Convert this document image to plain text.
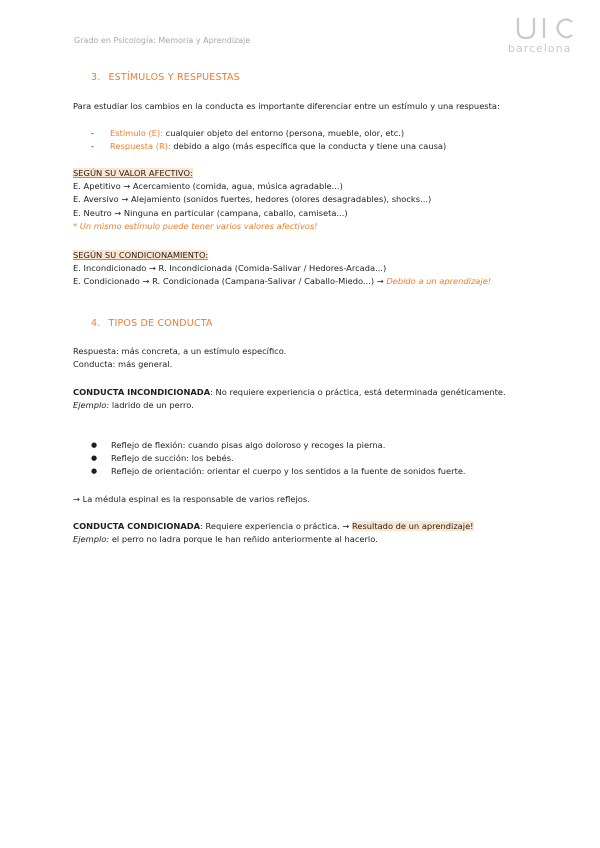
Grado en Psicología: Memoria y Aprendizaje
barcelona
3. ESTÍMULOS Y RESPUESTAS
Para estudiar los cambios en la conducta es importante diferenciar entre un estímulo y una respuesta:
- Estímulo (E): cualquier objeto del entorno (persona, mueble, olor, etc.)
- Respuesta (R): debido a algo (más específica que la conducta y tiene una causa)
SEGÚN SU VALOR AFECTIVO:
E. Apetitivo → Acercamiento (comida, agua, música agradable...)
E. Aversivo → Alejamiento (sonidos fuertes, hedores (olores desagradables), shocks...)
E. Neutro → Ninguna en particular (campana, caballo, camiseta...)
* Un mismo estímulo puede tener varios valores afectivos!
SEGÚN SU CONDICIONAMIENTO:
E. Incondicionado → R. Incondicionada (Comida-Salivar / Hedores-Arcada...)
E. Condicionado → R. Condicionada (Campana-Salivar / Caballo-Miedo...) → Debido a un aprendizaje!
4. TIPOS DE CONDUCTA
Respuesta: más concreta, a un estímulo específico.
Conducta: más general.
CONDUCTA INCONDICIONADA: No requiere experiencia o práctica, está determinada genéticamente.
Ejemplo: ladrido de un perro.
● Reflejo de flexión: cuando pisas algo doloroso y recoges la pierna.
● Reflejo de succión: los bebés.
● Reflejo de orientación: orientar el cuerpo y los sentidos a la fuente de sonidos fuerte.
→ La médula espinal es la responsable de varios reflejos.
CONDUCTA CONDICIONADA: Requiere experiencia o práctica. → Resultado de un aprendizaje!
Ejemplo: el perro no ladra porque le han reñido anteriormente al hacerlo.
